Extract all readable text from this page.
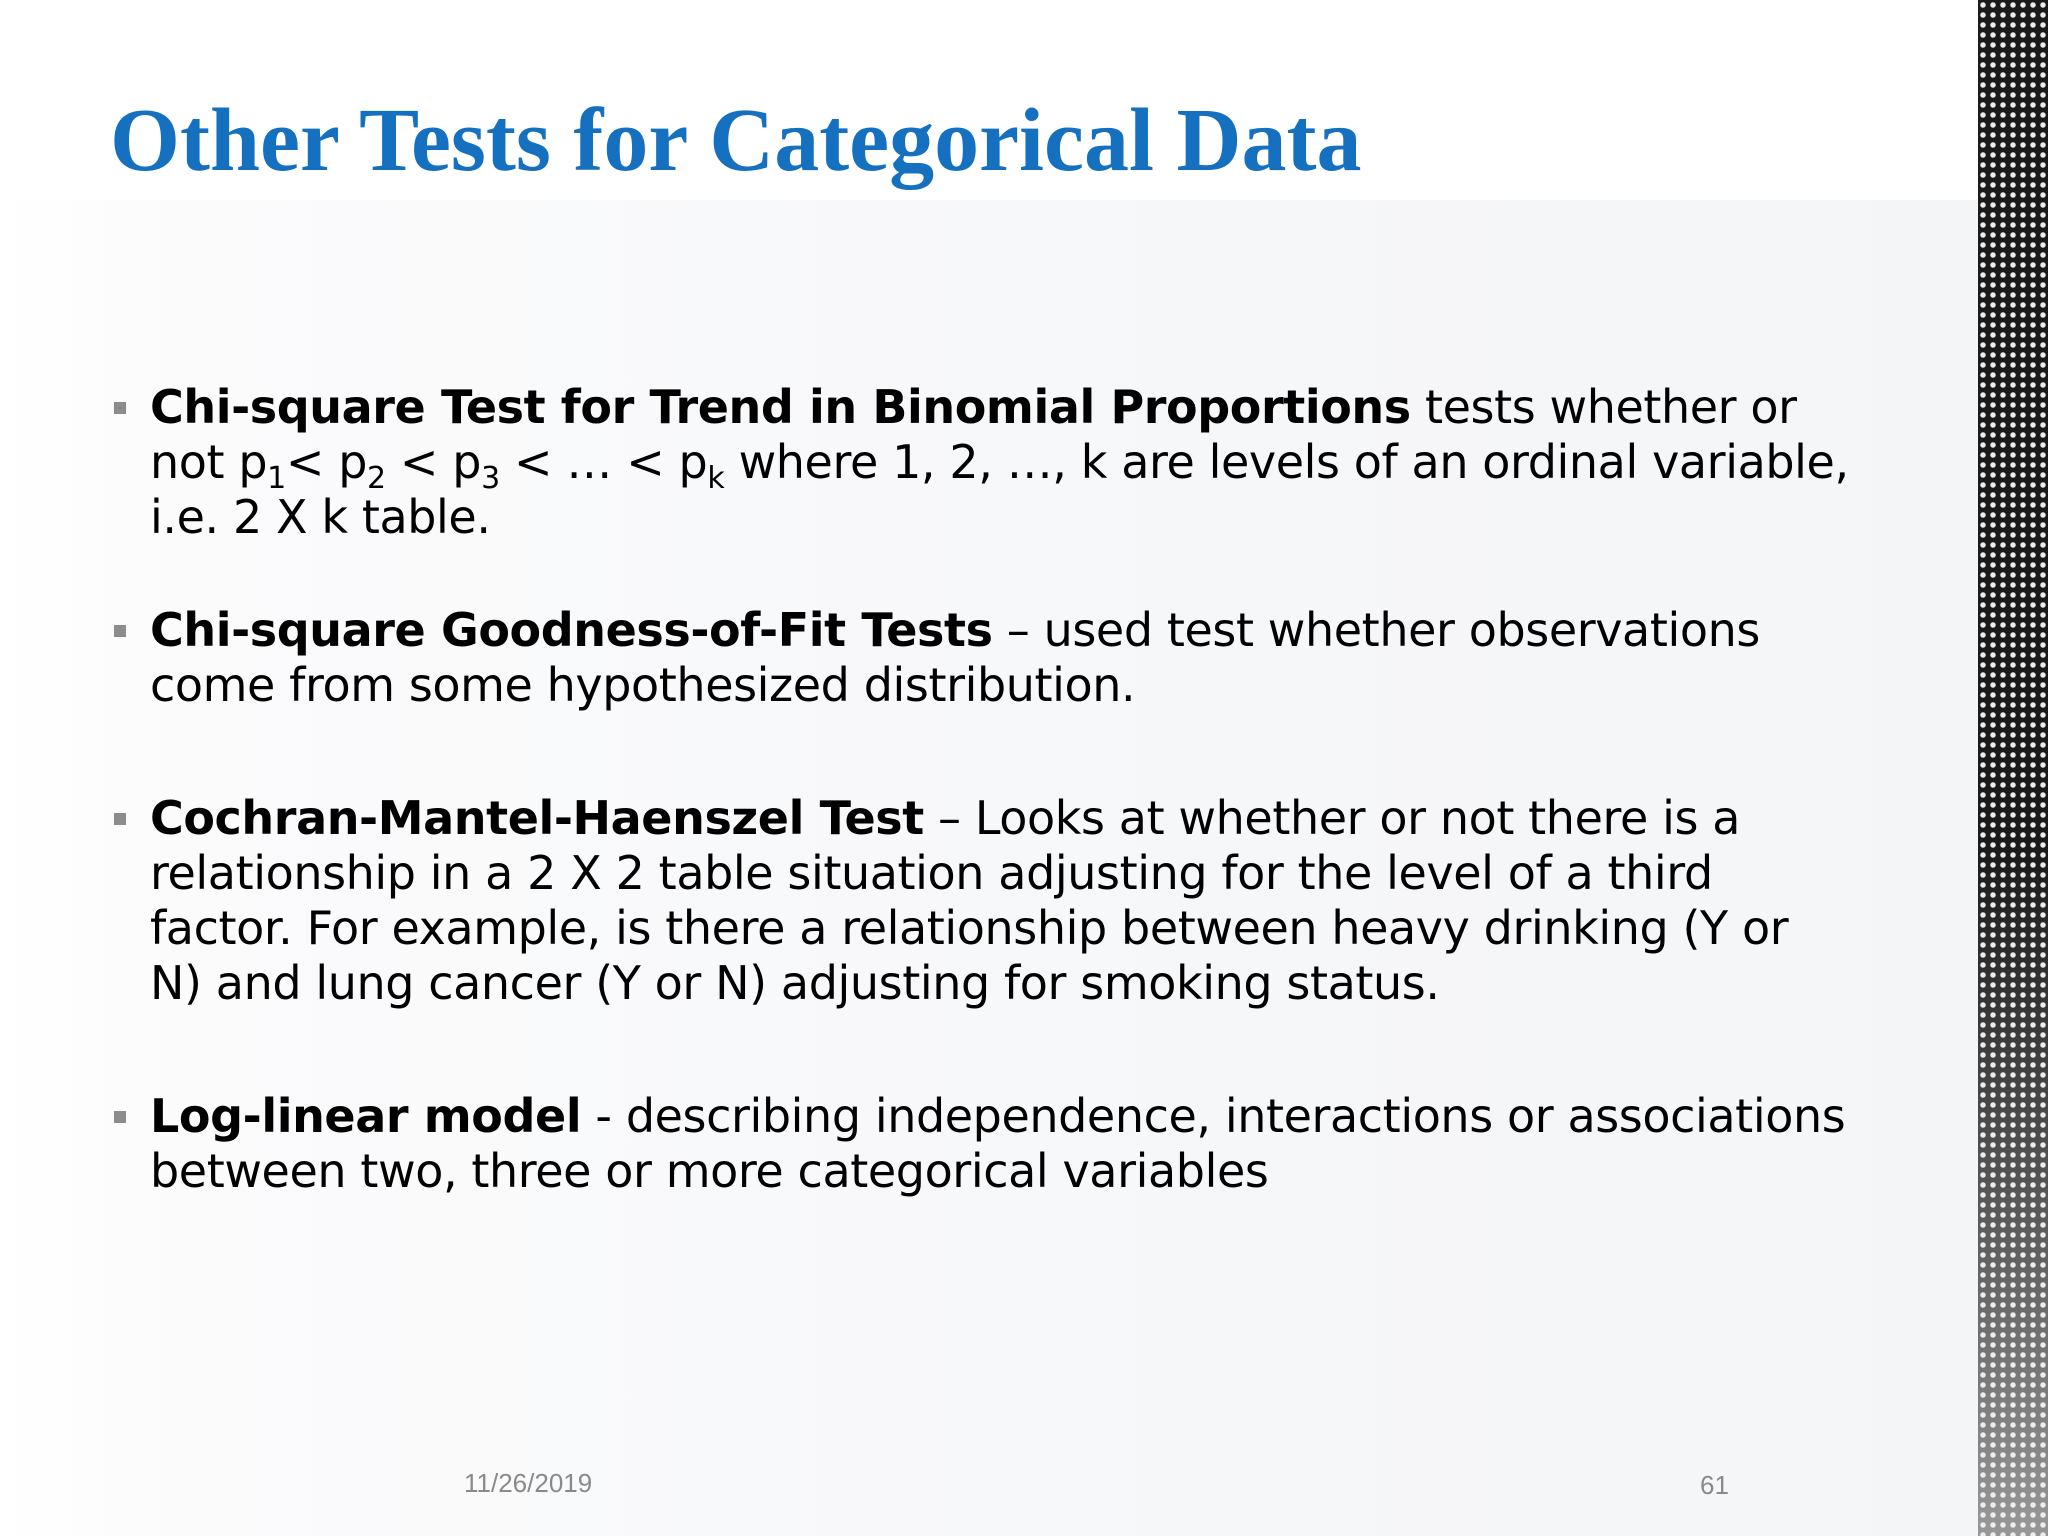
Other Tests for Categorical Data
Chi-square Test for Trend in Binomial Proportions tests whether or
not $p_1< p_2 < p_3$ < … < $p_k$ where 1, 2, …, k are levels of an ordinal variable,
i.e. 2 X k table.
Chi-square Goodness-of-Fit Tests – used test whether observations
come from some hypothesized distribution.
Cochran-Mantel-Haenszel Test – Looks at whether or not there is a
relationship in a 2 X 2 table situation adjusting for the level of a third
factor. For example, is there a relationship between heavy drinking (Y or
N) and lung cancer (Y or N) adjusting for smoking status.
Log-linear model - describing independence, interactions or associations
between two, three or more categorical variables
11/26/2019	61
